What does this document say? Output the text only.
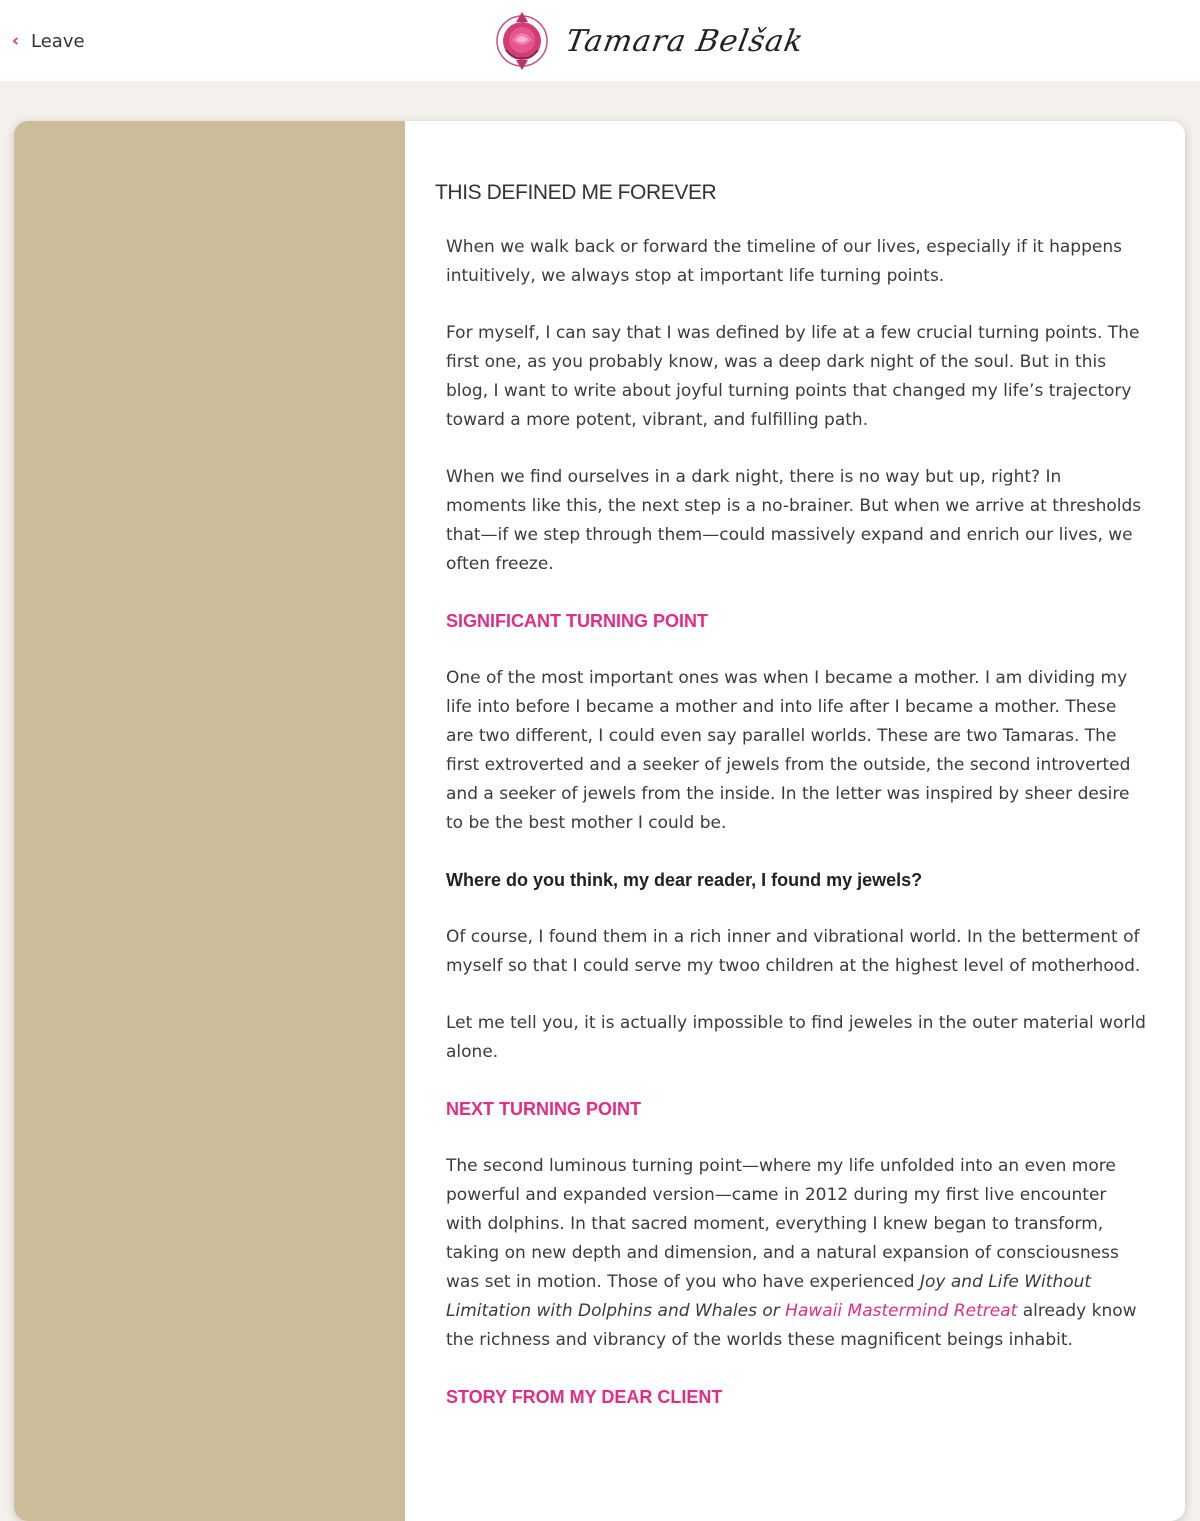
‹ Leave	Tamara Belšak
THIS DEFINED ME FOREVER

When we walk back or forward the timeline of our lives, especially if it happens intuitively, we always stop at important life turning points.

For myself, I can say that I was defined by life at a few crucial turning points. The first one, as you probably know, was a deep dark night of the soul. But in this blog, I want to write about joyful turning points that changed my life’s trajectory toward a more potent, vibrant, and fulfilling path.

When we find ourselves in a dark night, there is no way but up, right? In moments like this, the next step is a no-brainer. But when we arrive at thresholds that—if we step through them—could massively expand and enrich our lives, we often freeze.

SIGNIFICANT TURNING POINT

One of the most important ones was when I became a mother. I am dividing my life into before I became a mother and into life after I became a mother. These are two different, I could even say parallel worlds. These are two Tamaras. The first extroverted and a seeker of jewels from the outside, the second introverted and a seeker of jewels from the inside. In the letter was inspired by sheer desire to be the best mother I could be.

Where do you think, my dear reader, I found my jewels?

Of course, I found them in a rich inner and vibrational world. In the betterment of myself so that I could serve my twoo children at the highest level of motherhood.

Let me tell you, it is actually impossible to find jeweles in the outer material world alone.

NEXT TURNING POINT

The second luminous turning point—where my life unfolded into an even more powerful and expanded version—came in 2012 during my first live encounter with dolphins. In that sacred moment, everything I knew began to transform, taking on new depth and dimension, and a natural expansion of consciousness was set in motion. Those of you who have experienced Joy and Life Without Limitation with Dolphins and Whales or Hawaii Mastermind Retreat already know the richness and vibrancy of the worlds these magnificent beings inhabit.

STORY FROM MY DEAR CLIENT
